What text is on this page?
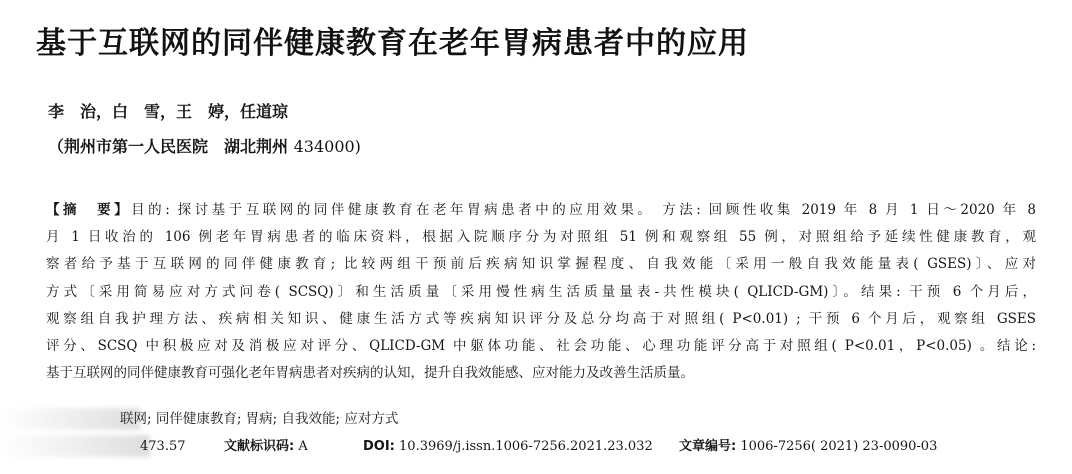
基于互联网的同伴健康教育在老年胃病患者中的应用
李　治，白　雪，王　婷，任道琼
（荆州市第一人民医院　湖北荆州 434000)
【摘　要】目的: 探讨基于互联网的同伴健康教育在老年胃病患者中的应用效果。 方法: 回顾性收集 2019 年 8 月 1 日～2020 年 8
月 1 日收治的 106 例老年胃病患者的临床资料，根据入院顺序分为对照组 51 例和观察组 55 例，对照组给予延续性健康教育，观
察者给予基于互联网的同伴健康教育; 比较两组干预前后疾病知识掌握程度、自我效能〔采用一般自我效能量表( GSES)〕、应对
方式〔采用简易应对方式问卷( SCSQ)〕和生活质量〔采用慢性病生活质量量表-共性模块( QLICD-GM)〕。结果: 干预 6 个月后，
观察组自我护理方法、疾病相关知识、健康生活方式等疾病知识评分及总分均高于对照组( P<0.01) ; 干预 6 个月后，观察组 GSES
评分、SCSQ 中积极应对及消极应对评分、QLICD-GM 中躯体功能、社会功能、心理功能评分高于对照组( P<0.01，P<0.05) 。结论:
基于互联网的同伴健康教育可强化老年胃病患者对疾病的认知，提升自我效能感、应对能力及改善生活质量。
联网; 同伴健康教育; 胃病; 自我效能; 应对方式
473.57	文献标识码: A	DOI: 10.3969/j.issn.1006-7256.2021.23.032 文章编号: 1006-7256( 2021) 23-0090-03
